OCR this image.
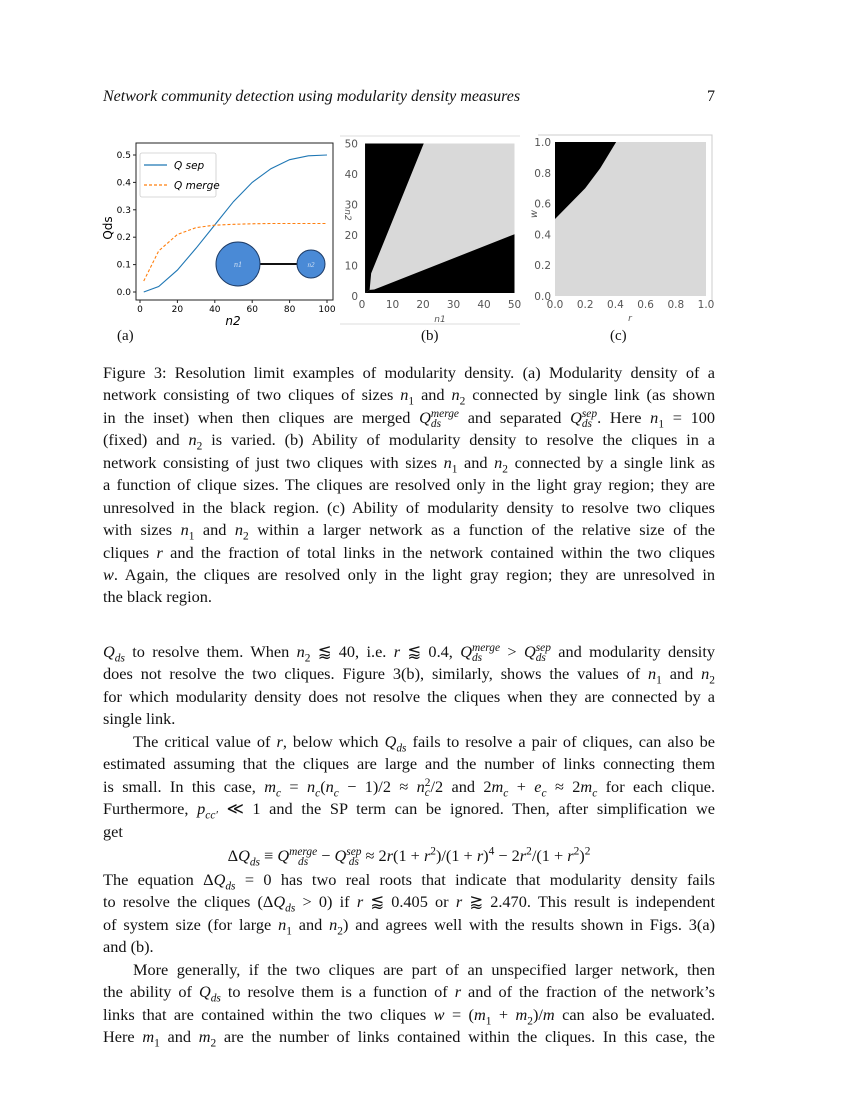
Network community detection using modularity density measures	7
0.0
0.1
0.2
0.3
0.4
0.5
0	20	40	60	80	100
n2
Qds
Q sep
Q merge
n1	n2
0
10
20
30
40
50
0 10 20 30 40 50
n1
n2
0.0
0.2
0.4
0.6
0.8
1.0
0.0 0.2 0.4 0.6 0.8 1.0
r
w
(a)	(b)	(c)
Figure 3: Resolution limit examples of modularity density. (a) Modularity density of a
network consisting of two cliques of sizes $n_1$ and $n_2$ connected by single link (as shown
in the inset) when then cliques are merged Q ds
merge and separated Q ds
sep . Here $n_1 = 100$
(fixed) and $n_2$ is varied. (b) Ability of modularity density to resolve the cliques in a
network consisting of just two cliques with sizes $n_1$ and $n_2$ connected by a single link as
a function of clique sizes. The cliques are resolved only in the light gray region; they are
unresolved in the black region. (c) Ability of modularity density to resolve two cliques
with sizes $n_1$ and $n_2$ within a larger network as a function of the relative size of the
cliques r and the fraction of total links in the network contained within the two cliques
w. Again, the cliques are resolved only in the light gray region; they are unresolved in
the black region.
$Q_{ds}$ to resolve them. When $n_2$ ⪅ 40, i.e. r ⪅ 0.4, Q ds
merge > Q ds
sep and modularity density
does not resolve the two cliques. Figure 3(b), similarly, shows the values of $n_1$ and $n_2$
for which modularity density does not resolve the cliques when they are connected by a
single link.
The critical value of r, below which $Q_{ds}$ fails to resolve a pair of cliques, can also be
estimated assuming that the cliques are large and the number of links connecting them
is small. In this case, $m_c = n_c(n_c - 1)/2 \approx n$ c
2 /2 and $2m_c + e_c \approx 2m_c$ for each clique.
Furthermore, $p_{cc'}$ ≪ 1 and the SP term can be ignored. Then, after simplification we
get
$\Delta Q_{ds} \equiv Q$ ds
merge − Q ds
sep ≈ $2r(1 + r^2)/(1 + r)^4 - 2r^2/(1 + r^2)^2$
The equation $\Delta Q_{ds} = 0$ has two real roots that indicate that modularity density fails
to resolve the cliques $(\Delta Q_{ds} > 0)$ if r ⪅ 0.405 or r ⪆ 2.470. This result is independent
of system size (for large $n_1$ and $n_2$) and agrees well with the results shown in Figs. 3(a)
and (b).
More generally, if the two cliques are part of an unspecified larger network, then
the ability of $Q_{ds}$ to resolve them is a function of r and of the fraction of the network’s
links that are contained within the two cliques $w = (m_1 + m_2)/m$ can also be evaluated.
Here $m_1$ and $m_2$ are the number of links contained within the cliques. In this case, the
